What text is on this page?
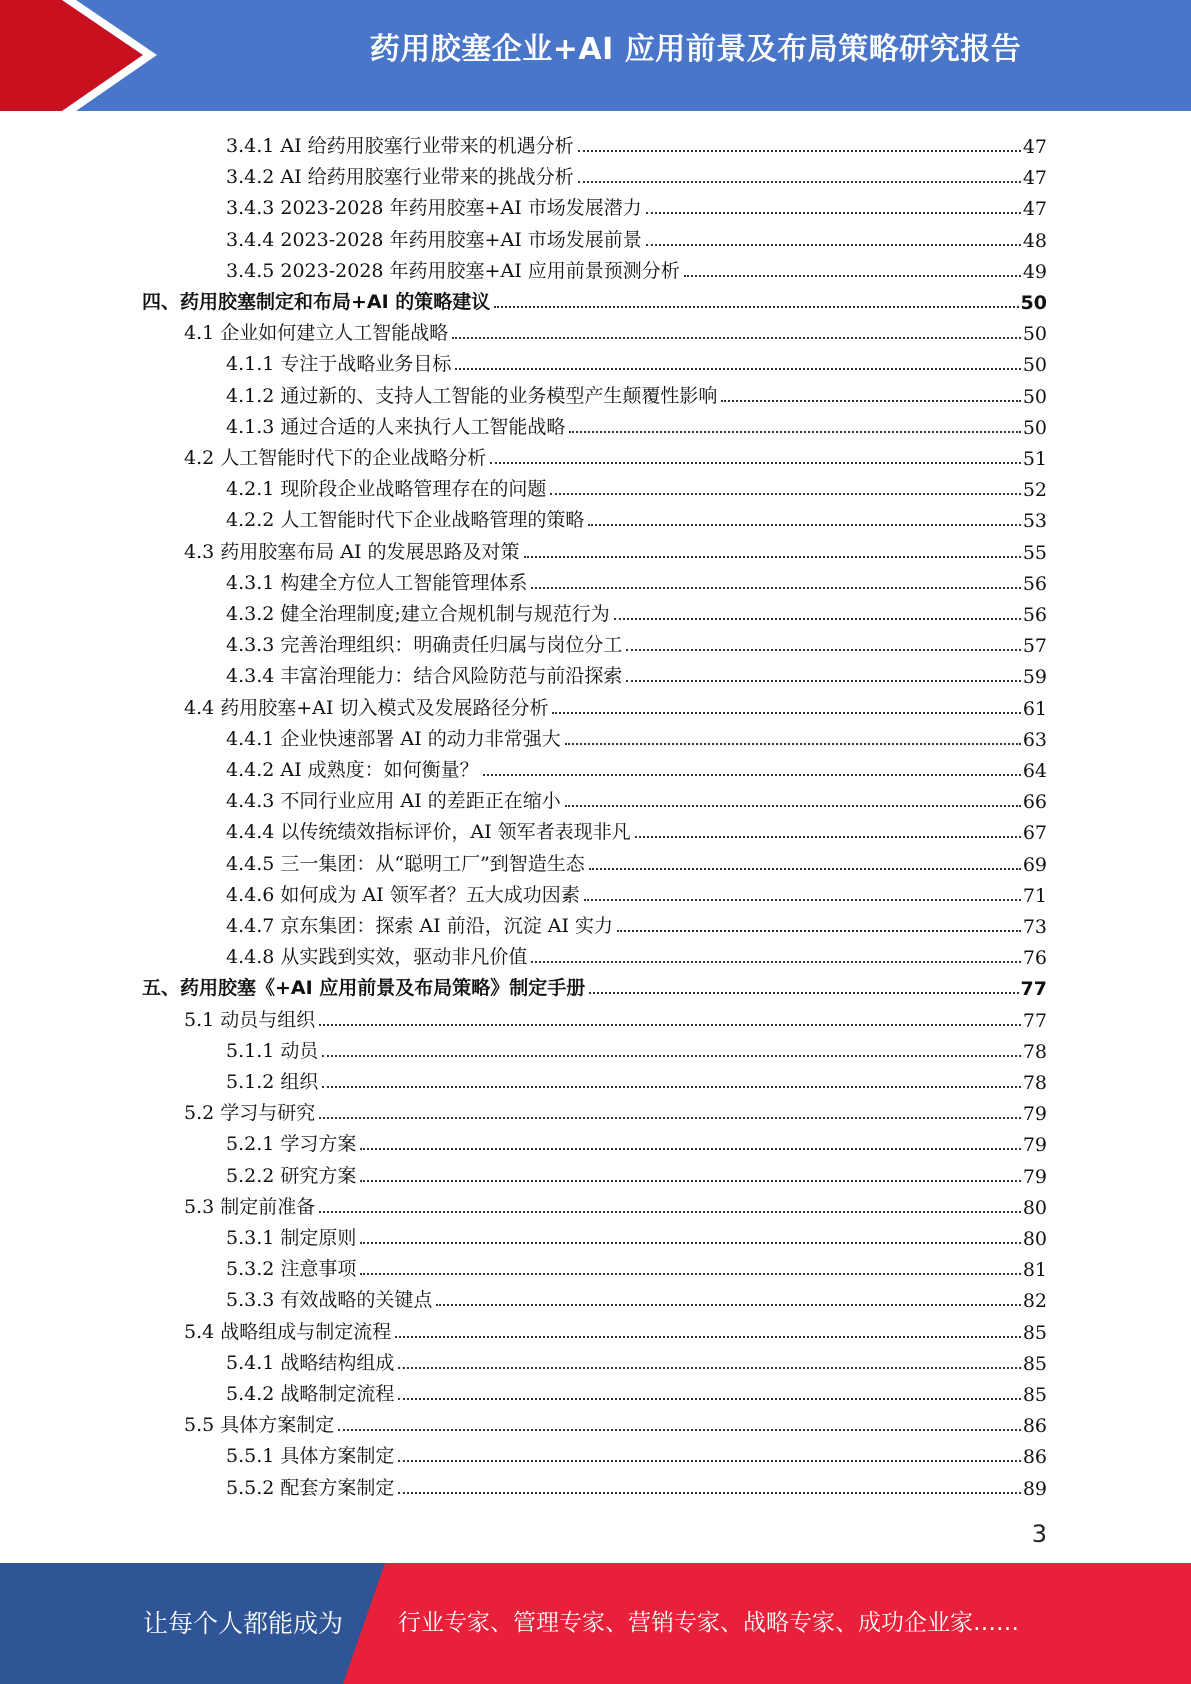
药用胶塞企业+AI 应用前景及布局策略研究报告
3.4.1 AI 给药用胶塞行业带来的机遇分析	47
3.4.2 AI 给药用胶塞行业带来的挑战分析	47
3.4.3 2023-2028 年药用胶塞+AI 市场发展潜力	47
3.4.4 2023-2028 年药用胶塞+AI 市场发展前景	48
3.4.5 2023-2028 年药用胶塞+AI 应用前景预测分析	49
四、药用胶塞制定和布局+AI 的策略建议	50
4.1 企业如何建立人工智能战略	50
4.1.1 专注于战略业务目标	50
4.1.2 通过新的、支持人工智能的业务模型产生颠覆性影响	50
4.1.3 通过合适的人来执行人工智能战略	50
4.2 人工智能时代下的企业战略分析	51
4.2.1 现阶段企业战略管理存在的问题	52
4.2.2 人工智能时代下企业战略管理的策略	53
4.3 药用胶塞布局 AI 的发展思路及对策	55
4.3.1 构建全方位人工智能管理体系	56
4.3.2 健全治理制度;建立合规机制与规范行为	56
4.3.3 完善治理组织：明确责任归属与岗位分工	57
4.3.4 丰富治理能力：结合风险防范与前沿探索	59
4.4 药用胶塞+AI 切入模式及发展路径分析	61
4.4.1 企业快速部署 AI 的动力非常强大	63
4.4.2 AI 成熟度：如何衡量？	64
4.4.3 不同行业应用 AI 的差距正在缩小	66
4.4.4 以传统绩效指标评价，AI 领军者表现非凡	67
4.4.5 三一集团：从“聪明工厂”到智造生态	69
4.4.6 如何成为 AI 领军者？五大成功因素	71
4.4.7 京东集团：探索 AI 前沿，沉淀 AI 实力	73
4.4.8 从实践到实效，驱动非凡价值	76
五、药用胶塞《+AI 应用前景及布局策略》制定手册	77
5.1 动员与组织	77
5.1.1 动员	78
5.1.2 组织	78
5.2 学习与研究	79
5.2.1 学习方案	79
5.2.2 研究方案	79
5.3 制定前准备	80
5.3.1 制定原则	80
5.3.2 注意事项	81
5.3.3 有效战略的关键点	82
5.4 战略组成与制定流程	85
5.4.1 战略结构组成	85
5.4.2 战略制定流程	85
5.5 具体方案制定	86
5.5.1 具体方案制定	86
5.5.2 配套方案制定	89
3
让每个人都能成为 行业专家、管理专家、营销专家、战略专家、成功企业家……
